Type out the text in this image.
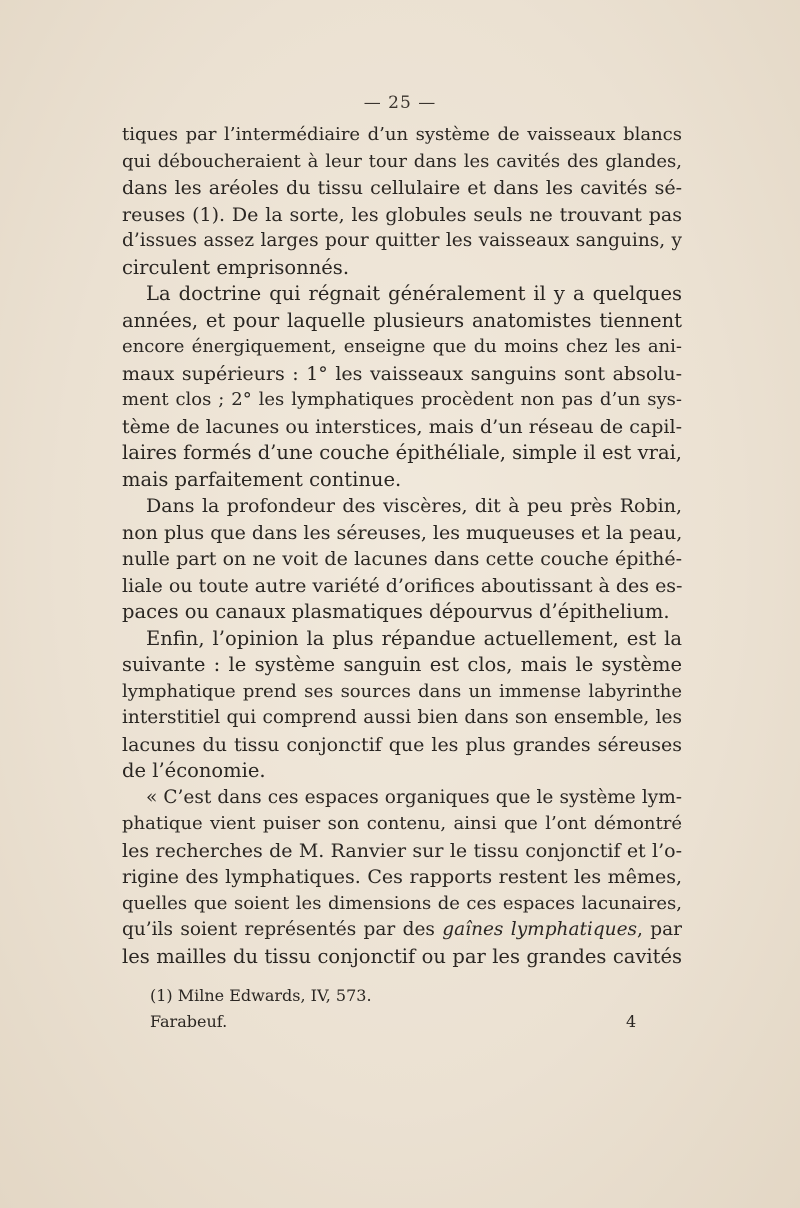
— 25 —
tiques par l’intermédiaire d’un système de vaisseaux blancs
qui déboucheraient à leur tour dans les cavités des glandes,
dans les aréoles du tissu cellulaire et dans les cavités sé-
reuses (1). De la sorte, les globules seuls ne trouvant pas
d’issues assez larges pour quitter les vaisseaux sanguins, y
circulent emprisonnés.
La doctrine qui régnait généralement il y a quelques
années, et pour laquelle plusieurs anatomistes tiennent
encore énergiquement, enseigne que du moins chez les ani-
maux supérieurs : 1° les vaisseaux sanguins sont absolu-
ment clos ; 2° les lymphatiques procèdent non pas d’un sys-
tème de lacunes ou interstices, mais d’un réseau de capil-
laires formés d’une couche épithéliale, simple il est vrai,
mais parfaitement continue.
Dans la profondeur des viscères, dit à peu près Robin,
non plus que dans les séreuses, les muqueuses et la peau,
nulle part on ne voit de lacunes dans cette couche épithé-
liale ou toute autre variété d’orifices aboutissant à des es-
paces ou canaux plasmatiques dépourvus d’épithelium.
Enfin, l’opinion la plus répandue actuellement, est la
suivante : le système sanguin est clos, mais le système
lymphatique prend ses sources dans un immense labyrinthe
interstitiel qui comprend aussi bien dans son ensemble, les
lacunes du tissu conjonctif que les plus grandes séreuses
de l’économie.
« C’est dans ces espaces organiques que le système lym-
phatique vient puiser son contenu, ainsi que l’ont démontré
les recherches de M. Ranvier sur le tissu conjonctif et l’o-
rigine des lymphatiques. Ces rapports restent les mêmes,
quelles que soient les dimensions de ces espaces lacunaires,
qu’ils soient représentés par des gaînes lymphatiques, par
les mailles du tissu conjonctif ou par les grandes cavités
(1) Milne Edwards, IV, 573.
Farabeuf.	4
